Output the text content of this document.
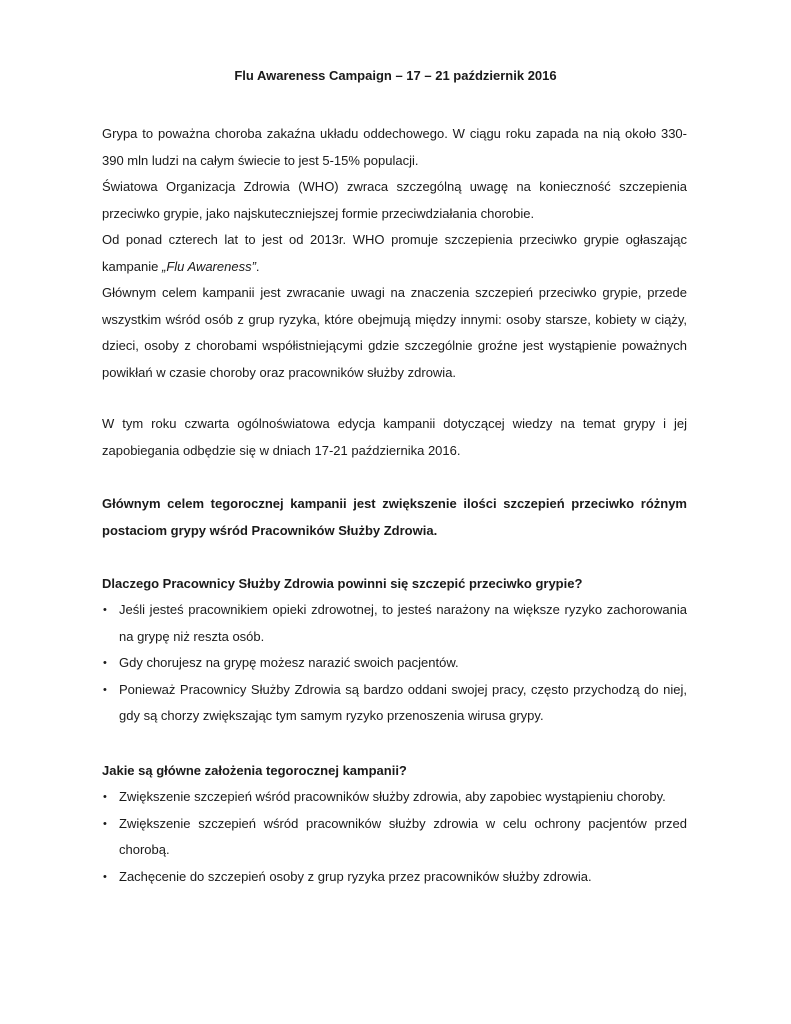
Flu Awareness Campaign – 17 – 21 październik 2016
Grypa to poważna choroba zakaźna układu oddechowego. W ciągu roku zapada na nią około 330-390 mln ludzi na całym świecie to jest 5-15% populacji.
Światowa Organizacja Zdrowia (WHO) zwraca szczególną uwagę na konieczność szczepienia przeciwko grypie, jako najskuteczniejszej formie przeciwdziałania chorobie.
Od ponad czterech lat to jest od 2013r. WHO promuje szczepienia przeciwko grypie ogłaszając kampanie „Flu Awareness”.
Głównym celem kampanii jest zwracanie uwagi na znaczenia szczepień przeciwko grypie, przede wszystkim wśród osób z grup ryzyka, które obejmują między innymi: osoby starsze, kobiety w ciąży, dzieci, osoby z chorobami współistniejącymi gdzie szczególnie groźne jest wystąpienie poważnych powikłań w czasie choroby oraz pracowników służby zdrowia.
W tym roku czwarta ogólnoświatowa edycja kampanii dotyczącej wiedzy na temat grypy i jej zapobiegania odbędzie się w dniach 17-21 października 2016.
Głównym celem tegorocznej kampanii jest zwiększenie ilości szczepień przeciwko różnym postaciom grypy wśród Pracowników Służby Zdrowia.
Dlaczego Pracownicy Służby Zdrowia powinni się szczepić przeciwko grypie?
• Jeśli jesteś pracownikiem opieki zdrowotnej, to jesteś narażony na większe ryzyko zachorowania na grypę niż reszta osób.
• Gdy chorujesz na grypę możesz narazić swoich pacjentów.
• Ponieważ Pracownicy Służby Zdrowia są bardzo oddani swojej pracy, często przychodzą do niej, gdy są chorzy zwiększając tym samym ryzyko przenoszenia wirusa grypy.
Jakie są główne założenia tegorocznej kampanii?
• Zwiększenie szczepień wśród pracowników służby zdrowia, aby zapobiec wystąpieniu choroby.
• Zwiększenie szczepień wśród pracowników służby zdrowia w celu ochrony pacjentów przed chorobą.
• Zachęcenie do szczepień osoby z grup ryzyka przez pracowników służby zdrowia.
